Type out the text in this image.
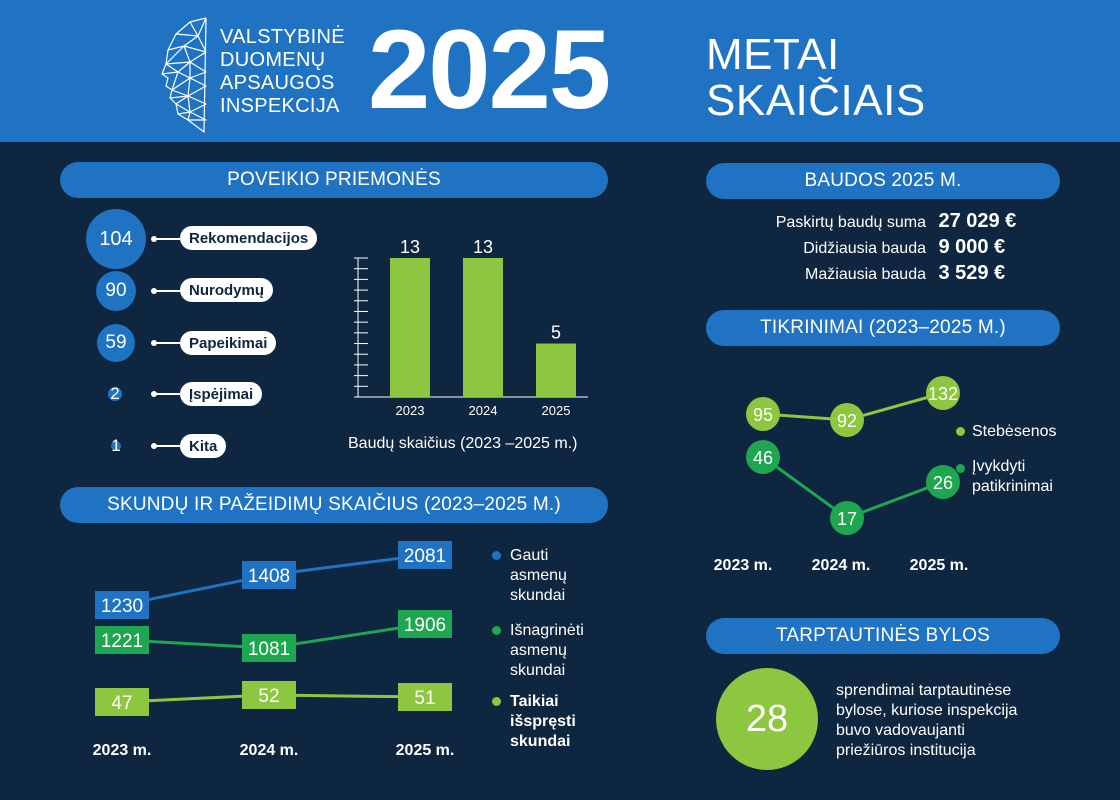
VALSTYBINĖ
DUOMENŲ
APSAUGOS
INSPEKCIJA 2025 METAI
SKAIČIAIS
POVEIKIO PRIEMONĖS
104	Rekomendacijos
90	Nurodymų
59	Papeikimai
2	Įspėjimai
1	Kita
13
2023
13
2024
5
2025
Baudų skaičius (2023 –2025 m.)
SKUNDŲ IR PAŽEIDIMŲ SKAIČIUS (2023–2025 M.)
1230
1408
2081
1221	1081
1906
47	52	51
2023 m.	2024 m.	2025 m.
Gauti
asmenų
skundai
Išnagrinėti
asmenų
skundai
Taikiai
išspręsti
skundai
BAUDOS 2025 M.
Paskirtų baudų suma 27 029 €
Didžiausia bauda 9 000 €
Mažiausia bauda 3 529 €
TIKRINIMAI (2023–2025 M.)
95	92
132
46
17
26
2023 m. 2024 m. 2025 m.
Stebėsenos
Įvykdyti
patikrinimai
TARPTAUTINĖS BYLOS
28
sprendimai tarptautinėse
bylose, kuriose inspekcija
buvo vadovaujanti
priežiūros institucija
